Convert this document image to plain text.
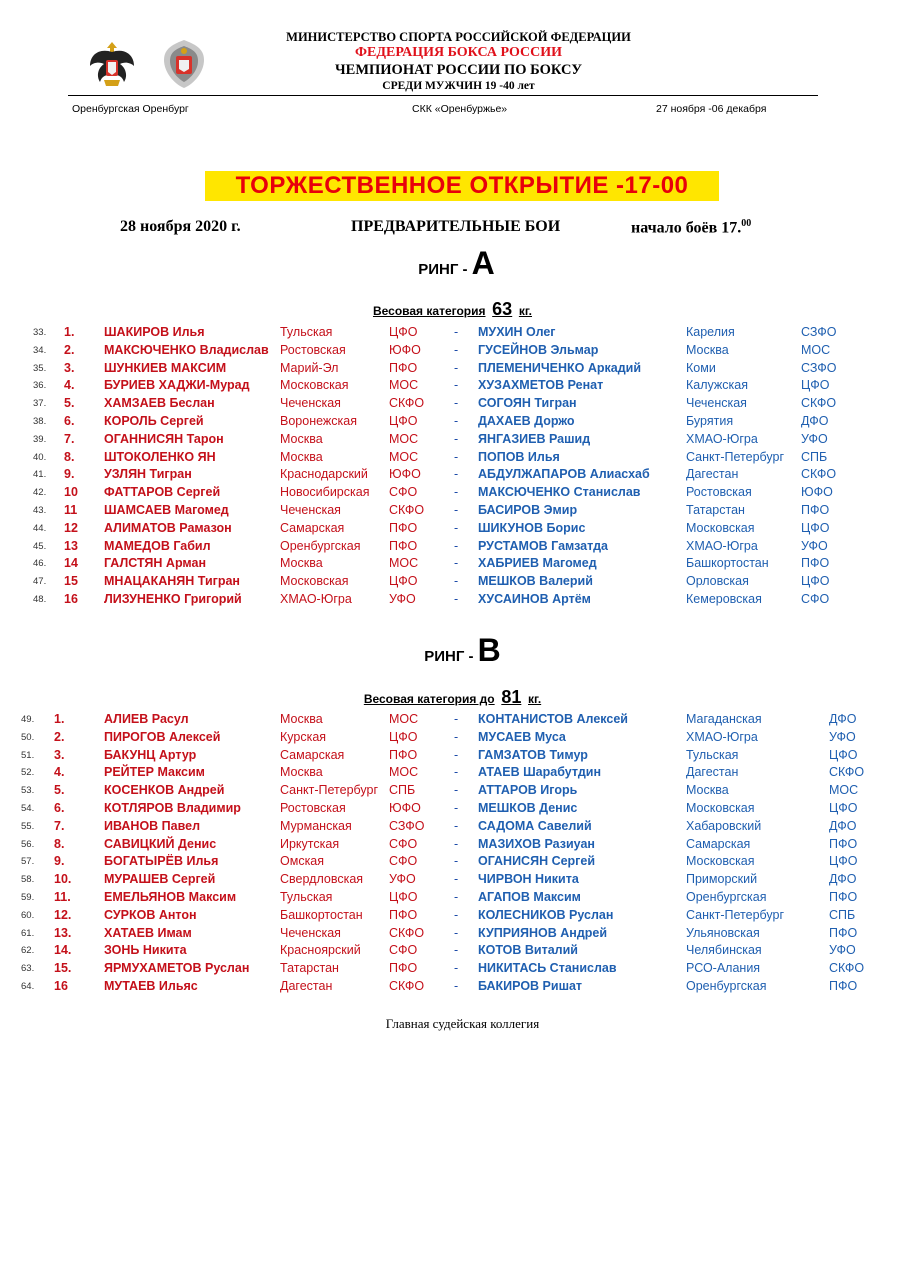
МИНИСТЕРСТВО СПОРТА РОССИЙСКОЙ ФЕДЕРАЦИИ
ФЕДЕРАЦИЯ БОКСА РОССИИ
ЧЕМПИОНАТ РОССИИ ПО БОКСУ
СРЕДИ МУЖЧИН 19 -40 лет
Оренбургская Оренбург	СКК «Оренбуржье»	27 ноября -06 декабря
ТОРЖЕСТВЕННОЕ ОТКРЫТИЕ -17-00
28 ноября 2020 г.	ПРЕДВАРИТЕЛЬНЫЕ БОИ	начало боёв 17.00
РИНГ - А
Весовая категория 63 кг.
33. 1. ШАКИРОВ Илья	Тульская	ЦФО	- МУХИН Олег	Карелия	СЗФО
34. 2. МАКСЮЧЕНКО Владислав Ростовская	ЮФО	- ГУСЕЙНОВ Эльмар	Москва	МОС
35. 3. ШУНКИЕВ МАКСИМ	Марий-Эл	ПФО	- ПЛЕМЕНИЧЕНКО Аркадий	Коми	СЗФО
36. 4. БУРИЕВ ХАДЖИ-Мурад Московская	МОС	- ХУЗАХМЕТОВ Ренат	Калужская	ЦФО
37. 5. ХАМЗАЕВ Беслан	Чеченская	СКФО - СОГОЯН Тигран	Чеченская	СКФО
38. 6. КОРОЛЬ Сергей	Воронежская	ЦФО	- ДАХАЕВ Доржо	Бурятия	ДФО
39. 7. ОГАННИСЯН Тарон	Москва	МОС	- ЯНГАЗИЕВ Рашид	ХМАО-Югра	УФО
40. 8. ШТОКОЛЕНКО ЯН	Москва	МОС	- ПОПОВ Илья	Санкт-Петербург СПБ
41. 9. УЗЛЯН Тигран	Краснодарский ЮФО	- АБДУЛЖАПАРОВ Алиасхаб	Дагестан	СКФО
42. 10 ФАТТАРОВ Сергей	Новосибирская СФО	- МАКСЮЧЕНКО Станислав	Ростовская	ЮФО
43. 11 ШАМСАЕВ Магомед	Чеченская	СКФО - БАСИРОВ Эмир	Татарстан	ПФО
44. 12 АЛИМАТОВ Рамазон	Самарская	ПФО	- ШИКУНОВ Борис	Московская	ЦФО
45. 13 МАМЕДОВ Габил	Оренбургская ПФО	- РУСТАМОВ Гамзатда	ХМАО-Югра	УФО
46. 14 ГАЛСТЯН Арман	Москва	МОС	- ХАБРИЕВ Магомед	Башкортостан	ПФО
47. 15 МНАЦАКАНЯН Тигран	Московская	ЦФО	- МЕШКОВ Валерий	Орловская	ЦФО
48. 16 ЛИЗУНЕНКО Григорий	ХМАО-Югра	УФО	- ХУСАИНОВ Артём	Кемеровская	СФО
РИНГ - В
Весовая категория до 81 кг.
49. 1.	АЛИЕВ Расул	Москва	МОС	- КОНТАНИСТОВ Алексей	Магаданская	ДФО
50. 2.	ПИРОГОВ Алексей	Курская	ЦФО	- МУСАЕВ Муса	ХМАО-Югра	УФО
51. 3.	БАКУНЦ Артур	Самарская	ПФО	- ГАМЗАТОВ Тимур	Тульская	ЦФО
52. 4.	РЕЙТЕР Максим	Москва	МОС	- АТАЕВ Шарабутдин	Дагестан	СКФО
53. 5.	КОСЕНКОВ Андрей	Санкт-Петербург СПБ	- АТТАРОВ Игорь	Москва	МОС
54. 6.	КОТЛЯРОВ Владимир	Ростовская	ЮФО	- МЕШКОВ Денис	Московская	ЦФО
55. 7.	ИВАНОВ Павел	Мурманская	СЗФО - САДОМА Савелий	Хабаровский	ДФО
56. 8.	САВИЦКИЙ Денис	Иркутская	СФО	- МАЗИХОВ Разиуан	Самарская	ПФО
57. 9.	БОГАТЫРЁВ Илья	Омская	СФО	- ОГАНИСЯН Сергей	Московская	ЦФО
58. 10.	МУРАШЕВ Сергей	Свердловская УФО	- ЧИРВОН Никита	Приморский	ДФО
59. 11.	ЕМЕЛЬЯНОВ Максим	Тульская	ЦФО	- АГАПОВ Максим	Оренбургская	ПФО
60. 12.	СУРКОВ Антон	Башкортостан ПФО	- КОЛЕСНИКОВ Руслан	Санкт-Петербург	СПБ
61. 13.	ХАТАЕВ Имам	Чеченская	СКФО - КУПРИЯНОВ Андрей	Ульяновская	ПФО
62. 14.	ЗОНЬ Никита	Красноярский СФО	- КОТОВ Виталий	Челябинская	УФО
63. 15.	ЯРМУХАМЕТОВ Руслан Татарстан	ПФО	- НИКИТАСЬ Станислав	РСО-Алания	СКФО
64. 16	МУТАЕВ Ильяс	Дагестан	СКФО - БАКИРОВ Ришат	Оренбургская	ПФО
Главная судейская коллегия
